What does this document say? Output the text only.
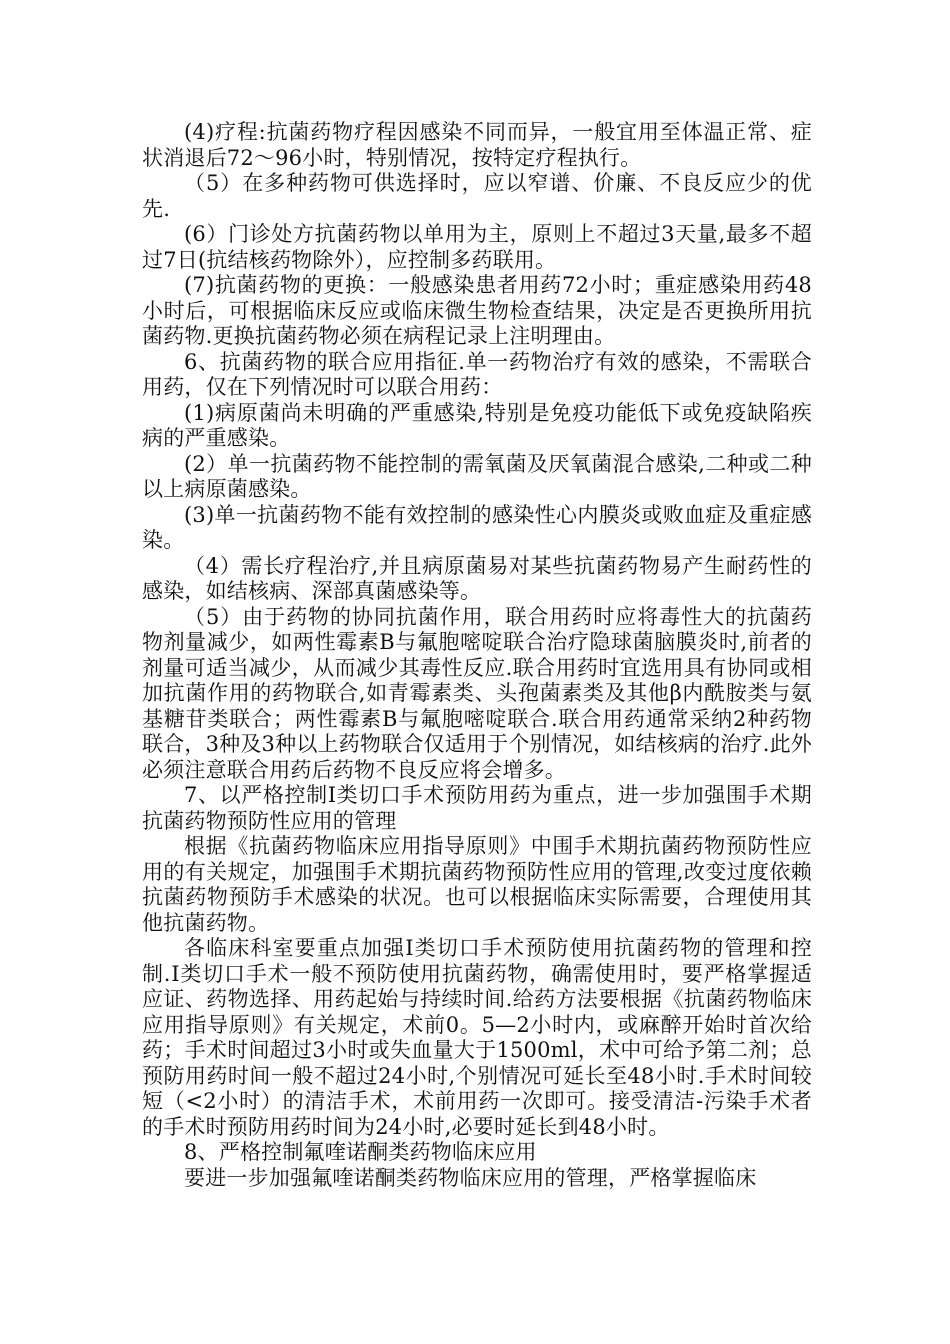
(4)疗程:抗菌药物疗程因感染不同而异，一般宜用至体温正常、症状消退后72～96小时，特别情况，按特定疗程执行。

（5）在多种药物可供选择时，应以窄谱、价廉、不良反应少的优先.

(6）门诊处方抗菌药物以单用为主，原则上不超过3天量,最多不超过7日(抗结核药物除外），应控制多药联用。

(7)抗菌药物的更换：一般感染患者用药72小时；重症感染用药48小时后，可根据临床反应或临床微生物检查结果，决定是否更换所用抗菌药物.更换抗菌药物必须在病程记录上注明理由。

6、抗菌药物的联合应用指征.单一药物治疗有效的感染，不需联合用药，仅在下列情况时可以联合用药：

(1)病原菌尚未明确的严重感染,特别是免疫功能低下或免疫缺陷疾病的严重感染。

(2）单一抗菌药物不能控制的需氧菌及厌氧菌混合感染,二种或二种以上病原菌感染。

(3)单一抗菌药物不能有效控制的感染性心内膜炎或败血症及重症感染。

（4）需长疗程治疗,并且病原菌易对某些抗菌药物易产生耐药性的感染，如结核病、深部真菌感染等。

（5）由于药物的协同抗菌作用，联合用药时应将毒性大的抗菌药物剂量减少，如两性霉素B与氟胞嘧啶联合治疗隐球菌脑膜炎时,前者的剂量可适当减少，从而减少其毒性反应.联合用药时宜选用具有协同或相加抗菌作用的药物联合,如青霉素类、头孢菌素类及其他β内酰胺类与氨基糖苷类联合；两性霉素B与氟胞嘧啶联合.联合用药通常采纳2种药物联合，3种及3种以上药物联合仅适用于个别情况，如结核病的治疗.此外必须注意联合用药后药物不良反应将会增多。

7、以严格控制Ⅰ类切口手术预防用药为重点，进一步加强围手术期抗菌药物预防性应用的管理

根据《抗菌药物临床应用指导原则》中围手术期抗菌药物预防性应用的有关规定，加强围手术期抗菌药物预防性应用的管理,改变过度依赖抗菌药物预防手术感染的状况。也可以根据临床实际需要，合理使用其他抗菌药物。

各临床科室要重点加强Ⅰ类切口手术预防使用抗菌药物的管理和控制.Ⅰ类切口手术一般不预防使用抗菌药物，确需使用时，要严格掌握适应证、药物选择、用药起始与持续时间.给药方法要根据《抗菌药物临床应用指导原则》有关规定，术前0。5—2小时内，或麻醉开始时首次给药；手术时间超过3小时或失血量大于1500ml，术中可给予第二剂；总预防用药时间一般不超过24小时,个别情况可延长至48小时.手术时间较短（<2小时）的清洁手术，术前用药一次即可。接受清洁-污染手术者的手术时预防用药时间为24小时,必要时延长到48小时。

8、严格控制氟喹诺酮类药物临床应用

要进一步加强氟喹诺酮类药物临床应用的管理，严格掌握临床
